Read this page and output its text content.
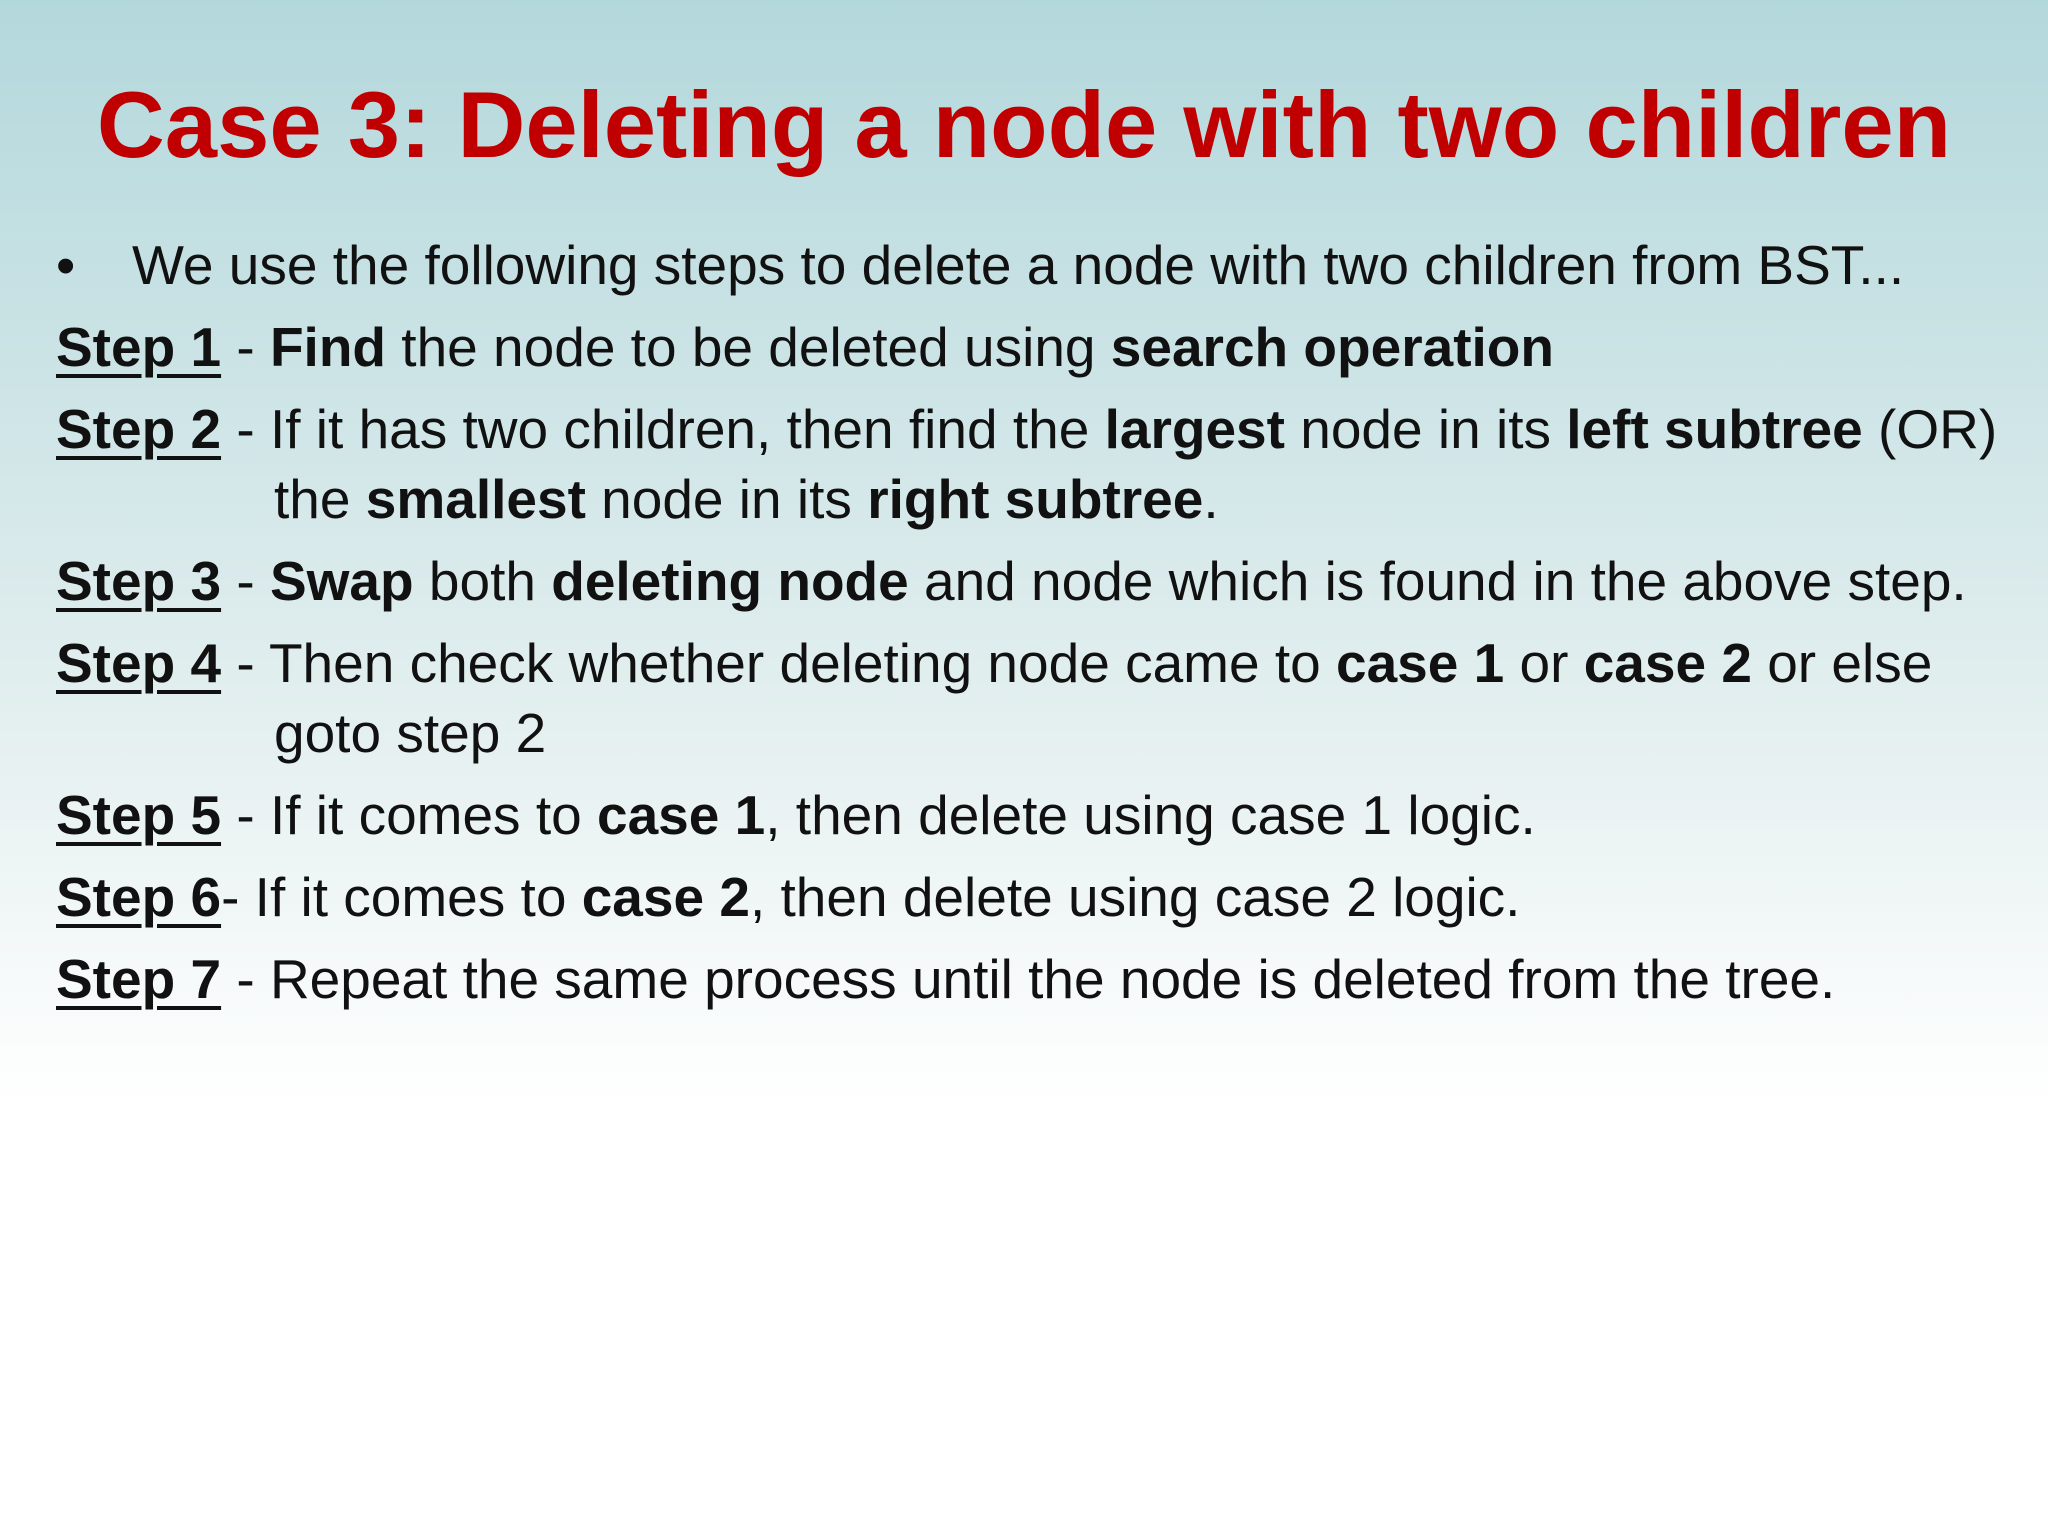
Case 3: Deleting a node with two children
•	We use the following steps to delete a node with two children from BST...
Step 1 - Find the node to be deleted using search operation
Step 2 - If it has two children, then find the largest node in its left subtree (OR) the smallest node in its right subtree.
Step 3 - Swap both deleting node and node which is found in the above step.
Step 4 - Then check whether deleting node came to case 1 or case 2 or else goto step 2
Step 5 - If it comes to case 1, then delete using case 1 logic.
Step 6- If it comes to case 2, then delete using case 2 logic.
Step 7 - Repeat the same process until the node is deleted from the tree.
